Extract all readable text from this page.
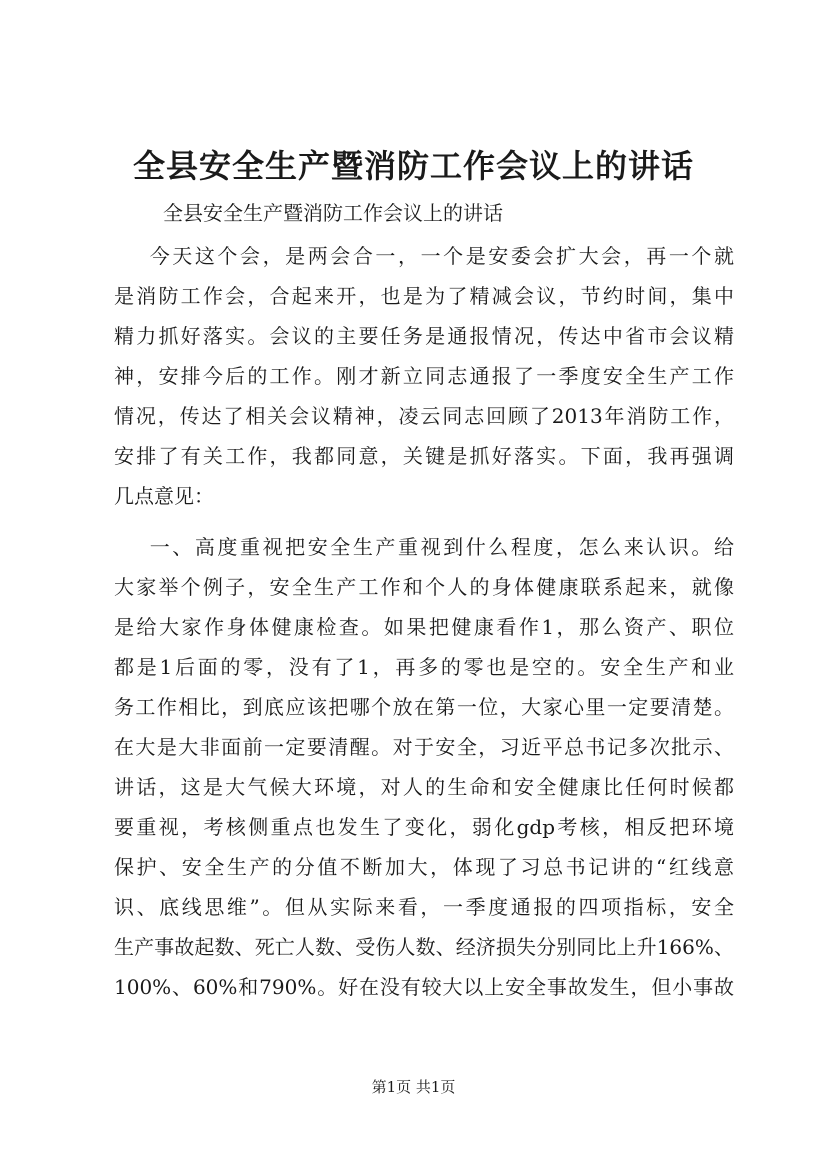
全县安全生产暨消防工作会议上的讲话
全县安全生产暨消防工作会议上的讲话
今天这个会，是两会合一，一个是安委会扩大会，再一个就
是消防工作会，合起来开，也是为了精减会议，节约时间，集中
精力抓好落实。会议的主要任务是通报情况，传达中省市会议精
神，安排今后的工作。刚才新立同志通报了一季度安全生产工作
情况，传达了相关会议精神，凌云同志回顾了2013年消防工作，
安排了有关工作，我都同意，关键是抓好落实。下面，我再强调
几点意见：
一、高度重视把安全生产重视到什么程度，怎么来认识。给
大家举个例子，安全生产工作和个人的身体健康联系起来，就像
是给大家作身体健康检查。如果把健康看作1，那么资产、职位
都是1后面的零，没有了1，再多的零也是空的。安全生产和业
务工作相比，到底应该把哪个放在第一位，大家心里一定要清楚。
在大是大非面前一定要清醒。对于安全，习近平总书记多次批示、
讲话，这是大气候大环境，对人的生命和安全健康比任何时候都
要重视，考核侧重点也发生了变化，弱化gdp考核，相反把环境
保护、安全生产的分值不断加大，体现了习总书记讲的“红线意
识、底线思维”。但从实际来看，一季度通报的四项指标，安全
生产事故起数、死亡人数、受伤人数、经济损失分别同比上升166%、
100%、60%和790%。好在没有较大以上安全事故发生，但小事故
第1页 共1页
